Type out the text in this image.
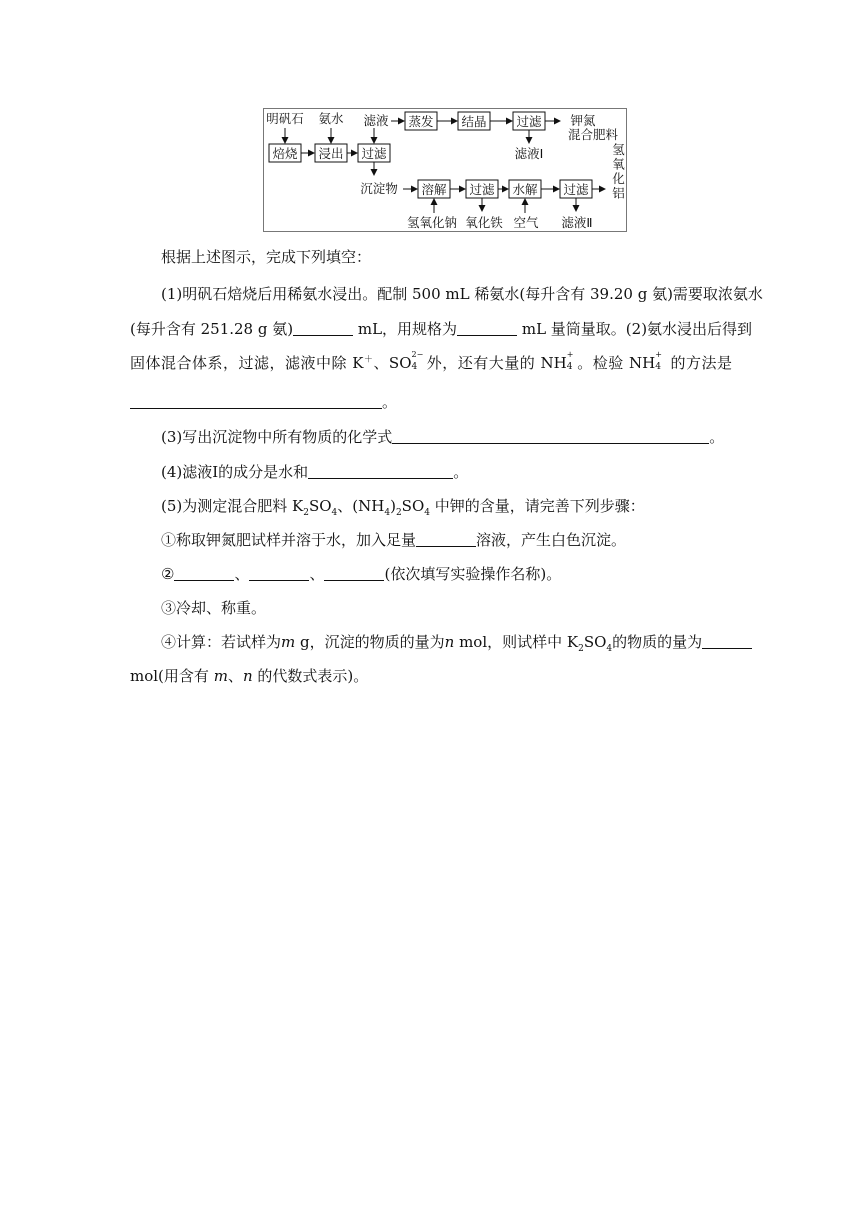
明矾石 氨水
焙烧 浸出 过滤
滤液 蒸发 结晶 过滤 钾氮
混合肥料
滤液Ⅰ
沉淀物 溶解 过滤 水解 过滤
氢氧化钠 氧化铁 空气 滤液Ⅱ
氢氧化铝
根据上述图示，完成下列填空：
(1)明矾石焙烧后用稀氨水浸出。配制 500 mL 稀氨水(每升含有 39.20 g 氨)需要取浓氨水
(每升含有 251.28 g 氨)	mL，用规格为	mL 量筒量取。(2)氨水浸出后得到
固体混合体系，过滤，滤液中除 K＋、SO 2−
4 外，还有大量的 NH +
4 。检验 NH +
4 的方法是
。
(3)写出沉淀物中所有物质的化学式	。
(4)滤液Ⅰ的成分是水和	。
(5)为测定混合肥料 $K_2SO_4$、$(NH_4)_2SO_4$ 中钾的含量，请完善下列步骤：
①称取钾氮肥试样并溶于水，加入足量	溶液，产生白色沉淀。
②	、	、	(依次填写实验操作名称)。
③冷却、称重。
④计算：若试样为m g，沉淀的物质的量为n mol，则试样中 $K_2SO_4$的物质的量为
mol(用含有 m、n 的代数式表示)。
